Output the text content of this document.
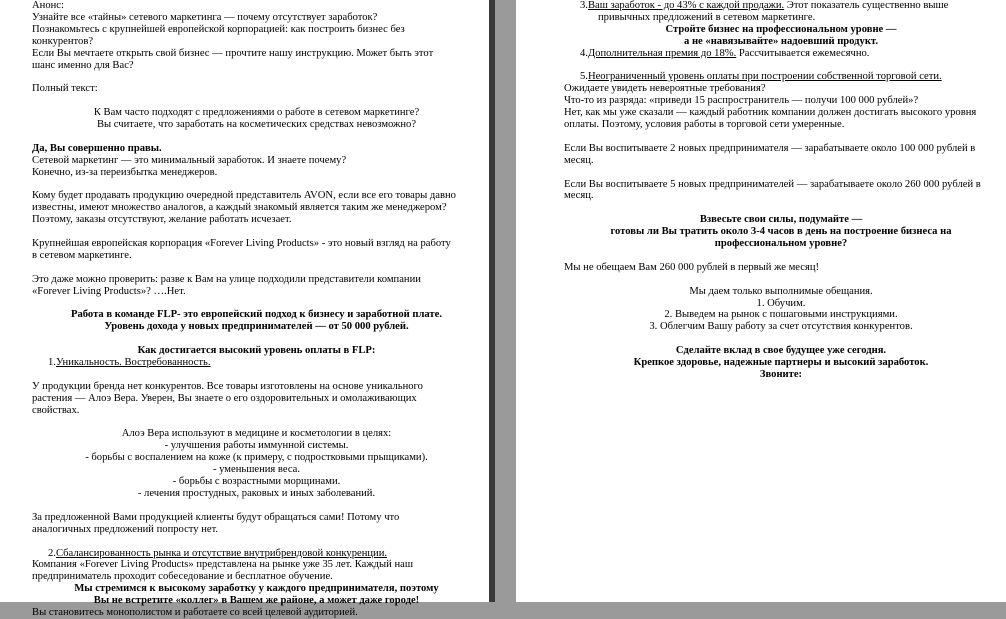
Анонс:
Узнайте все «тайны» сетевого маркетинга — почему отсутствует заработок?
Познакомьтесь с крупнейшей европейской корпорацией: как построить бизнес без
конкурентов?
Если Вы мечтаете открыть свой бизнес — прочтите нашу инструкцию. Может быть этот
шанс именно для Вас?
Полный текст:
К Вам часто подходят с предложениями о работе в сетевом маркетинге?
Вы считаете, что заработать на косметических средствах невозможно?
Да, Вы совершенно правы.
Сетевой маркетинг — это минимальный заработок. И знаете почему?
Конечно, из-за переизбытка менеджеров.
Кому будет продавать продукцию очередной представитель AVON, если все его товары давно
известны, имеют множество аналогов, а каждый знакомый является таким же менеджером?
Поэтому, заказы отсутствуют, желание работать исчезает.
Крупнейшая европейская корпорация «Forever Living Products» - это новый взгляд на работу
в сетевом маркетинге.
Это даже можно проверить: разве к Вам на улице подходили представители компании
«Forever Living Products»? ….Нет.
Работа в команде FLP- это европейский подход к бизнесу и заработной плате.
Уровень дохода у новых предпринимателей — от 50 000 рублей.
Как достигается высокий уровень оплаты в FLP:
1.Уникальность. Востребованность.
У продукции бренда нет конкурентов. Все товары изготовлены на основе уникального
растения — Алоэ Вера. Уверен, Вы знаете о его оздоровительных и омолаживающих
свойствах.
Алоэ Вера используют в медицине и косметологии в целях:
- улучшения работы иммунной системы.
- борьбы с воспалением на коже (к примеру, с подростковыми прыщиками).
- уменьшения веса.
- борьбы с возрастными морщинами.
- лечения простудных, раковых и иных заболеваний.
За предложенной Вами продукцией клиенты будут обращаться сами! Потому что
аналогичных предложений попросту нет.
2.Сбалансированность рынка и отсутствие внутрибрендовой конкуренции.
Компания «Forever Living Products» представлена на рынке уже 35 лет. Каждый наш
предприниматель проходит собеседование и бесплатное обучение.
Мы стремимся к высокому заработку у каждого предпринимателя, поэтому
Вы не встретите «коллег» в Вашем же районе, а может даже городе!
Вы становитесь монополистом и работаете со всей целевой аудиторией.
3.Ваш заработок - до 43% с каждой продажи. Этот показатель существенно выше
привычных предложений в сетевом маркетинге.
Стройте бизнес на профессиональном уровне —
а не «навязывайте» надоевший продукт.
4.Дополнительная премия до 18%. Рассчитывается ежемесячно.
5.Неограниченный уровень оплаты при построении собственной торговой сети.
Ожидаете увидеть невероятные требования?
Что-то из разряда: «приведи 15 распространитель — получи 100 000 рублей»?
Нет, как мы уже сказали — каждый работник компании должен достигать высокого уровня
оплаты. Поэтому, условия работы в торговой сети умеренные.
Если Вы воспитываете 2 новых предпринимателя — зарабатываете около 100 000 рублей в
месяц.
Если Вы воспитываете 5 новых предпринимателей — зарабатываете около 260 000 рублей в
месяц.
Взвесьте свои силы, подумайте —
готовы ли Вы тратить около 3-4 часов в день на построение бизнеса на
профессиональном уровне?
Мы не обещаем Вам 260 000 рублей в первый же месяц!
Мы даем только выполнимые обещания.
1. Обучим.
2. Выведем на рынок с пошаговыми инструкциями.
3. Облегчим Вашу работу за счет отсутствия конкурентов.
Сделайте вклад в свое будущее уже сегодня.
Крепкое здоровье, надежные партнеры и высокий заработок.
Звоните:
